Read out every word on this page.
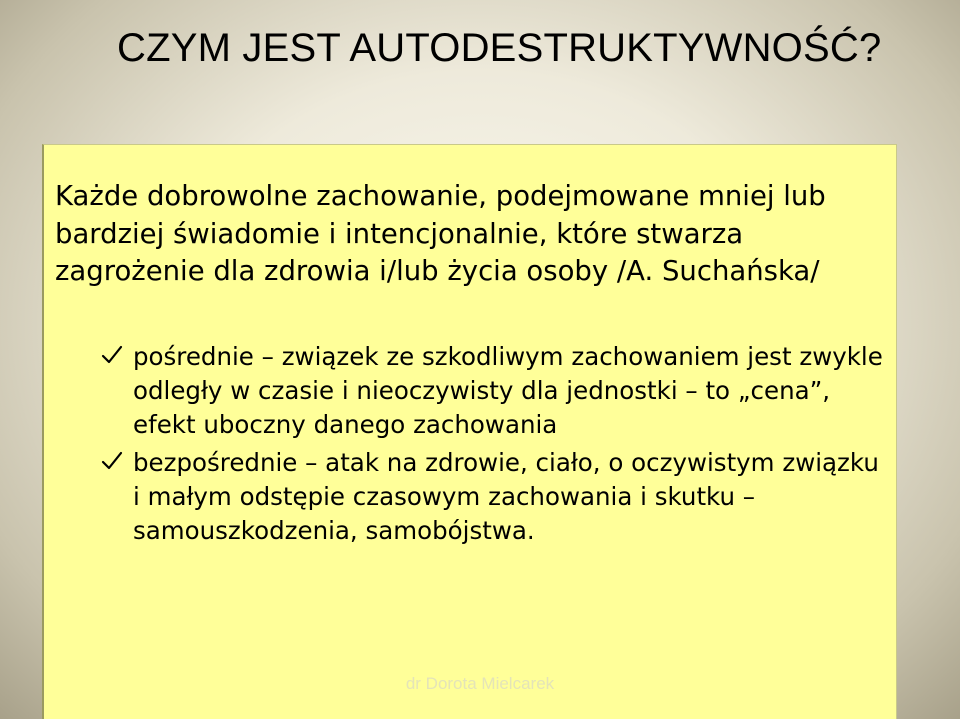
CZYM JEST AUTODESTRUKTYWNOŚĆ?
Każde dobrowolne zachowanie, podejmowane mniej lub bardziej świadomie i intencjonalnie, które stwarza zagrożenie dla zdrowia i/lub życia osoby /A. Suchańska/
pośrednie – związek ze szkodliwym zachowaniem jest zwykle odległy w czasie i nieoczywisty dla jednostki – to „cena”, efekt uboczny danego zachowania
bezpośrednie – atak na zdrowie, ciało, o oczywistym związku i małym odstępie czasowym zachowania i skutku – samouszkodzenia, samobójstwa.
dr Dorota Mielcarek
